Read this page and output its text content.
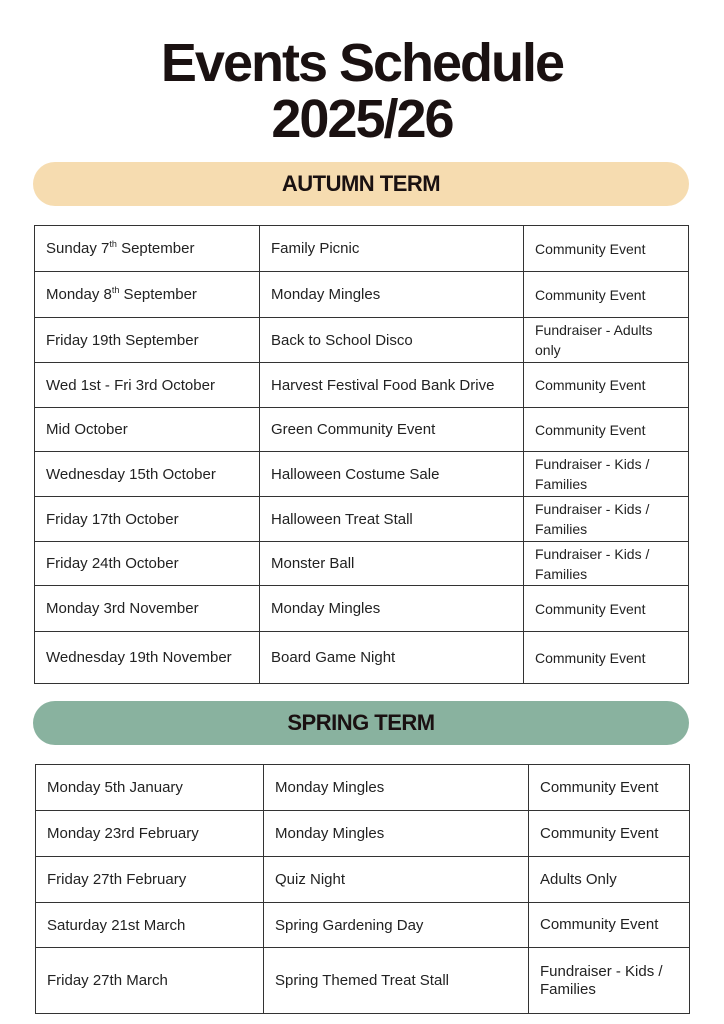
Events Schedule
2025/26
AUTUMN TERM
Sunday 7th September	Family Picnic	Community Event
Monday 8th September	Monday Mingles	Community Event
Friday 19th September	Back to School Disco	Fundraiser - Adults only
Wed 1st - Fri 3rd October	Harvest Festival Food Bank Drive	Community Event
Mid October	Green Community Event	Community Event
Wednesday 15th October	Halloween Costume Sale	Fundraiser - Kids / Families
Friday 17th October	Halloween Treat Stall	Fundraiser - Kids / Families
Friday 24th October	Monster Ball	Fundraiser - Kids / Families
Monday 3rd November	Monday Mingles	Community Event
Wednesday 19th November	Board Game Night	Community Event
SPRING TERM
Monday 5th January	Monday Mingles	Community Event
Monday 23rd February	Monday Mingles	Community Event
Friday 27th February	Quiz Night	Adults Only
Saturday 21st March	Spring Gardening Day	Community Event
Friday 27th March	Spring Themed Treat Stall	Fundraiser - Kids / Families
